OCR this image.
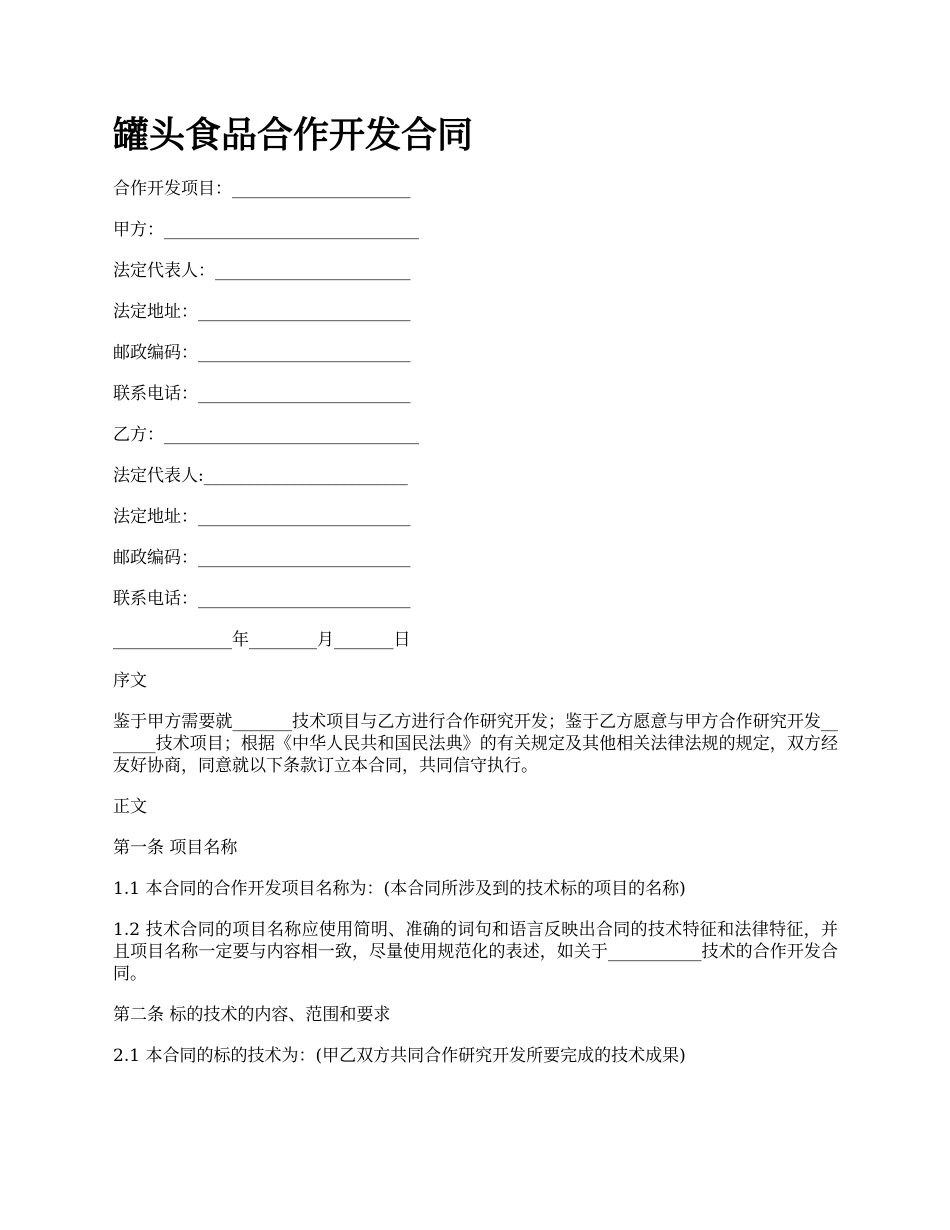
罐头食品合作开发合同
合作开发项目：_____________________
甲方：______________________________
法定代表人：_______________________
法定地址：_________________________
邮政编码：_________________________
联系电话：_________________________
乙方：______________________________
法定代表人:________________________
法定地址：_________________________
邮政编码：_________________________
联系电话：_________________________
______________年________月_______日
序文
鉴于甲方需要就_______技术项目与乙方进行合作研究开发；鉴于乙方愿意与甲方合作研究开发_______技术项目；根据《中华人民共和国民法典》的有关规定及其他相关法律法规的规定，双方经友好协商，同意就以下条款订立本合同，共同信守执行。
正文
第一条 项目名称
1.1 本合同的合作开发项目名称为：(本合同所涉及到的技术标的项目的名称)
1.2 技术合同的项目名称应使用简明、准确的词句和语言反映出合同的技术特征和法律特征，并且项目名称一定要与内容相一致，尽量使用规范化的表述，如关于___________技术的合作开发合同。
第二条 标的技术的内容、范围和要求
2.1 本合同的标的技术为：(甲乙双方共同合作研究开发所要完成的技术成果)
